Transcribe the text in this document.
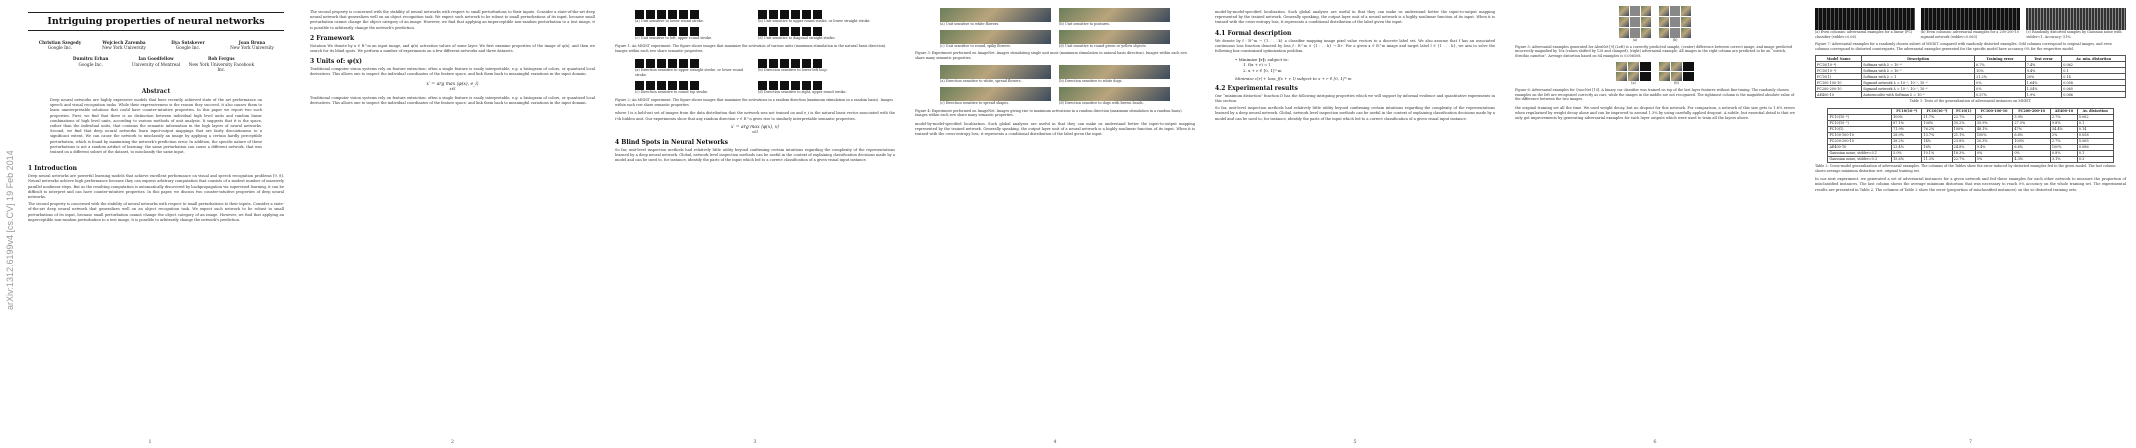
arXiv:1312.6199v4 [cs.CV] 19 Feb 2014
Intriguing properties of neural networks
Christian Szegedy
Google Inc.
Wojciech Zaremba
New York University
Ilya Sutskever
Google Inc.
Joan Bruna
New York University
Dumitru Erhan
Google Inc.
Ian Goodfellow
University of Montreal
Rob Fergus
New York University Facebook Inc.
Abstract
Deep neural networks are highly expressive models that have recently achieved state of the art performance on speech and visual recognition tasks. While their expressiveness is the reason they succeed, it also causes them to learn uninterpretable solutions that could have counter-intuitive properties. In this paper we report two such properties. First, we find that there is no distinction between individual high level units and random linear combinations of high level units, according to various methods of unit analysis. It suggests that it is the space, rather than the individual units, that contains the semantic information in the high layers of neural networks. Second, we find that deep neural networks learn input-output mappings that are fairly discontinuous to a significant extent. We can cause the network to misclassify an image by applying a certain hardly perceptible perturbation, which is found by maximizing the network's prediction error. In addition, the specific nature of these perturbations is not a random artifact of learning: the same perturbation can cause a different network, that was trained on a different subset of the dataset, to misclassify the same input.
1 Introduction
Deep neural networks are powerful learning models that achieve excellent performance on visual and speech recognition problems [9, 8]. Neural networks achieve high performance because they can express arbitrary computation that consists of a modest number of massively parallel nonlinear steps. But as the resulting computation is automatically discovered by backpropagation via supervised learning, it can be difficult to interpret and can have counter-intuitive properties. In this paper, we discuss two counter-intuitive properties of deep neural networks.
The second property is concerned with the stability of neural networks with respect to small perturbations to their inputs. Consider a state-of-the-art deep neural network that generalizes well on an object recognition task. We expect such network to be robust to small perturbations of its input, because small perturbation cannot change the object category of an image. However, we find that applying an imperceptible non-random perturbation to a test image, it is possible to arbitrarily change the network's prediction.
1
The second property is concerned with the stability of neural networks with respect to small perturbations to their inputs. Consider a state-of-the-art deep neural network that generalizes well on an object recognition task. We expect such network to be robust to small perturbations of its input, because small perturbation cannot change the object category of an image. However, we find that applying an imperceptible non-random perturbation to a test image, it is possible to arbitrarily change the network's prediction.
2 Framework
Notation We denote by x ∈ R^m an input image, and φ(x) activation values of some layer. We first examine properties of the image of φ(x), and then we search for its blind spots. We perform a number of experiments on a few different networks and three datasets.
3 Units of: φ(x)
Traditional computer vision systems rely on feature extraction: often a single feature is easily interpretable, e.g. a histogram of colors, or quantized local derivatives. This allows one to inspect the individual coordinates of the feature space, and link them back to meaningful variations in the input domain.
x′ = arg max ⟨φ(x), e_i⟩
x∈I
Traditional computer vision systems rely on feature extraction: often a single feature is easily interpretable, e.g. a histogram of colors, or quantized local derivatives. This allows one to inspect the individual coordinates of the feature space, and link them back to meaningful variations in the input domain.
2
(a) Unit sensitive to lower round stroke.	(b) Unit sensitive to upper round stroke, or lower straight stroke.
(c) Unit sensitive to left, upper round stroke.	(d) Unit sensitive to diagonal straight stroke.
Figure 1: An MNIST experiment. The figure shows images that maximize the activation of various units (maximum stimulation in the natural basis direction). Images within each row share semantic properties.
(a) Direction sensitive to upper straight stroke, or lower round stroke.
(b) Direction sensitive to lower left loop.
(c) Direction sensitive to round top stroke.	(d) Direction sensitive to right, upper round stroke.
Figure 2: An MNIST experiment. The figure shows images that maximize the activations in a random direction (maximum stimulation in a random basis). Images within each row share semantic properties.
where I is a held-out set of images from the data distribution that the network was not trained on and e_i is the natural basis vector associated with the i-th hidden unit. Our experiments show that any random direction v ∈ R^n gives rise to similarly interpretable semantic properties.
x′ = arg max ⟨φ(x), v⟩
x∈I
4 Blind Spots in Neural Networks
So far, unit-level inspection methods had relatively little utility beyond confirming certain intuitions regarding the complexity of the representations learned by a deep neural network. Global, network level inspection methods can be useful in the context of explaining classification decisions made by a model and can be used to, for instance, identify the parts of the input which led to a correct classification of a given visual input instance.
3
(a) Unit sensitive to white flowers.	(b) Unit sensitive to postures.
(c) Unit sensitive to round, spiky flowers.	(d) Unit sensitive to round green or yellow objects.
Figure 3: Experiment performed on ImageNet. Images stimulating single unit most (maximum stimulation in natural basis direction). Images within each row share many semantic properties.
(a) Direction sensitive to white, spread flowers.	(b) Direction sensitive to white dogs.
(c) Direction sensitive to spread shapes.	(d) Direction sensitive to dogs with brown heads.
Figure 4: Experiment performed on ImageNet. Images giving rise to maximum activations in a random direction (maximum stimulation in a random basis). Images within each row share many semantic properties.
model-by-model-specified localization. Such global analyses are useful in that they can make us understand better the input-to-output mapping represented by the trained network. Generally speaking, the output layer unit of a neural network is a highly nonlinear function of its input. When it is trained with the cross-entropy loss, it represents a conditional distribution of the label given the input.
4
model-by-model-specified localization. Such global analyses are useful in that they can make us understand better the input-to-output mapping represented by the trained network. Generally speaking, the output layer unit of a neural network is a highly nonlinear function of its input. When it is trained with the cross-entropy loss, it represents a conditional distribution of the label given the input.
4.1 Formal description
We denote by f : R^m → {1 . . . k} a classifier mapping image pixel value vectors to a discrete label set. We also assume that f has an associated continuous loss function denoted by loss_f : R^m × {1 . . . k} → R+. For a given x ∈ R^m image and target label l ∈ {1 . . . k}, we aim to solve the following box-constrained optimization problem.
• Minimize ‖r‖₂ subject to:
1. f(x + r) = l
2. x + r ∈ [0, 1]^m
Minimize c|r| + loss_f(x + r, l) subject to x + r ∈ [0, 1]^m
4.2 Experimental results
Our “minimum distortion” function D has the following intriguing properties which we will support by informal evidence and quantitative experiments in this section.
So far, unit-level inspection methods had relatively little utility beyond confirming certain intuitions regarding the complexity of the representations learned by a deep neural network. Global, network level inspection methods can be useful in the context of explaining classification decisions made by a model and can be used to, for instance, identify the parts of the input which led to a correct classification of a given visual input instance.
5
(a)	(b)
Figure 5: Adversarial examples generated for AlexNet [9].(Left) is a correctly predicted sample, (center) difference between correct image, and image predicted incorrectly magnified by 10x (values shifted by 128 and clamped), (right) adversarial example. All images in the right column are predicted to be an “ostrich, Struthio camelus”. Average distortion based on 64 examples is 0.006508.
(a)	(b)
Figure 6: Adversarial examples for QuocNet [10]. A binary car classifier was trained on top of the last layer features without fine-tuning. The randomly chosen examples on the left are recognized correctly as cars, while the images in the middle are not recognized. The rightmost column is the magnified absolute value of the difference between the two images.
the original training set all the time. We used weight decay, but no dropout for this network. For comparison, a network of this size gets to 1.6% errors when regularized by weight decay alone and can be improved to around 1.3% by using carefully applied dropout. A subtle, but essential detail is that we only got improvements by generating adversarial examples for each layer outputs which were used to train all the layers above.
6
(a) Even columns: adversarial examples for a linear (FC) classifier (stddev=0.06)
(b) Even columns: adversarial examples for a 200-200-10 sigmoid network (stddev=0.063)
(c) Randomly distorted samples by Gaussian noise with stddev=1. Accuracy: 51%.
Figure 7: Adversarial examples for a randomly chosen subset of MNIST compared with randomly distorted examples. Odd columns correspond to original images, and even columns correspond to distorted counterparts. The adversarial examples generated for the specific model have accuracy 0% for the respective model.
Model Name	Description	Training error	Test error	Av. min. distortion
FC10(10⁻⁴)	Softmax with λ = 10⁻⁴	6.7%	7.4%	0.062
FC10(10⁻²)	Softmax with λ = 10⁻²	10%	9.4%	0.1
FC10(1)	Softmax with λ = 1	21.2%	20%	0.14
FC100-100-10	Sigmoid network λ = 10⁻⁵, 10⁻⁵, 10⁻⁶	0%	1.64%	0.058
FC200-200-10	Sigmoid network λ = 10⁻⁵, 10⁻⁵, 10⁻⁶	0%	1.54%	0.065
AE400-10	Autoencoder with Softmax λ = 10⁻⁶	0.57%	1.9%	0.086
Table 1: Tests of the generalization of adversarial instances on MNIST.
	FC10(10⁻⁴)	FC10(10⁻²)	FC10(1)	FC100-100-10	FC200-200-10	AE400-10	Av. distortion
FC10(10⁻⁴)	100%	11.7%	22.7%	2%	3.9%	2.7%	0.062
FC10(10⁻²)	87.1%	100%	35.2%	35.9%	27.3%	9.8%	0.1
FC10(1)	71.9%	76.2%	100%	48.1%	47%	34.4%	0.14
FC100-100-10	28.9%	13.7%	21.1%	100%	6.6%	2%	0.058
FC200-200-10	38.2%	14%	23.8%	20.3%	100%	2.7%	0.065
AE400-10	23.4%	16%	24.8%	9.4%	6.6%	100%	0.086
Gaussian noise, stddev=0.1	5.0%	10.1%	18.3%	0%	0%	0.8%	0.1
Gaussian noise, stddev=0.3	15.6%	11.3%	22.7%	5%	4.3%	3.1%	0.3
Table 2: Cross-model generalization of adversarial examples. The columns of the Tables show the error induced by distorted examples fed to the given model. The last column shows average minimum distortion wrt. original training set.
In our next experiment, we generated a set of adversarial instances for a given network and fed these examples for each other network to measure the proportion of misclassified instances. The last column shows the average minimum distortion that was necessary to reach 0% accuracy on the whole training set. The experimental results are presented in Table 2. The columns of Table 2 show the error (proportion of misclassified instances) on the so distorted training sets.
7
